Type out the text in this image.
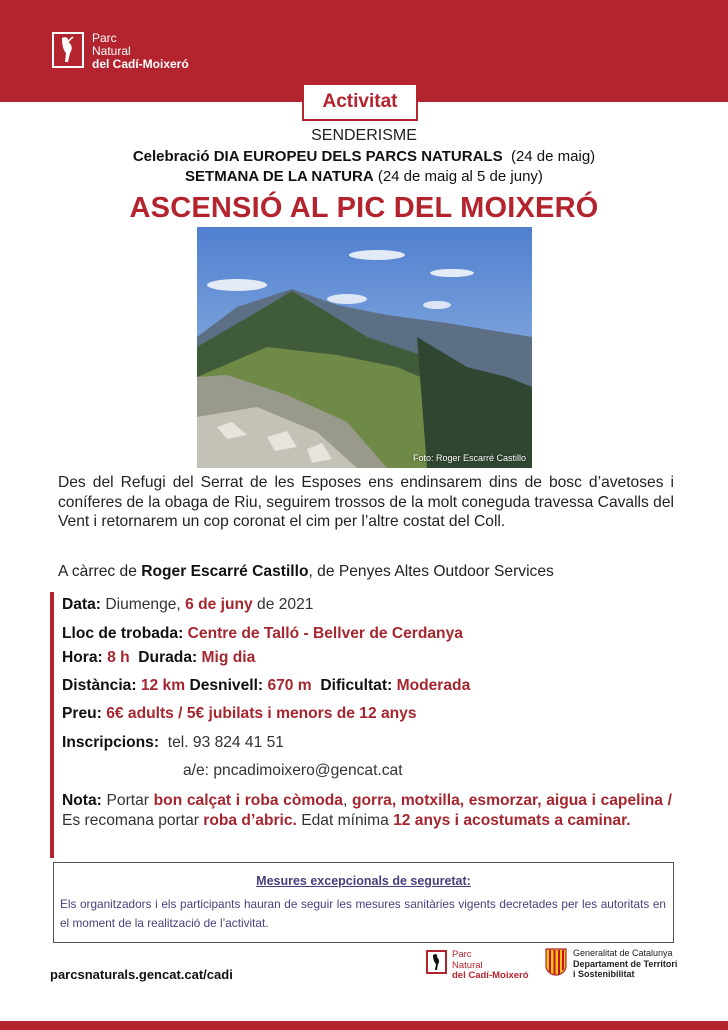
Parc
Natural
del Cadí-Moixeró
Activitat
SENDERISME
Celebració DIA EUROPEU DELS PARCS NATURALS (24 de maig)
SETMANA DE LA NATURA (24 de maig al 5 de juny)
ASCENSIÓ AL PIC DEL MOIXERÓ
Foto: Roger Escarré Castillo
Des del Refugi del Serrat de les Esposes ens endinsarem dins de bosc d’avetoses i coníferes de la obaga de Riu, seguirem trossos de la molt coneguda travessa Cavalls del Vent i retornarem un cop coronat el cim per l’altre costat del Coll.
A càrrec de Roger Escarré Castillo, de Penyes Altes Outdoor Services
Data: Diumenge, 6 de juny de 2021
Lloc de trobada: Centre de Talló - Bellver de Cerdanya
Hora: 8 h Durada: Mig dia
Distància: 12 km Desnivell: 670 m Dificultat: Moderada
Preu: 6€ adults / 5€ jubilats i menors de 12 anys
Inscripcions: tel. 93 824 41 51
a/e: pncadimoixero@gencat.cat
Nota: Portar bon calçat i roba còmoda, gorra, motxilla, esmorzar, aigua i capelina / Es recomana portar roba d’abric. Edat mínima 12 anys i acostumats a caminar.
Mesures excepcionals de seguretat:
Els organitzadors i els participants hauran de seguir les mesures sanitàries vigents decretades per les autoritats en el moment de la realització de l’activitat.
parcsnaturals.gencat.cat/cadi
Parc
Natural
del Cadí-Moixeró
Generalitat de Catalunya
Departament de Territori
i Sostenibilitat
